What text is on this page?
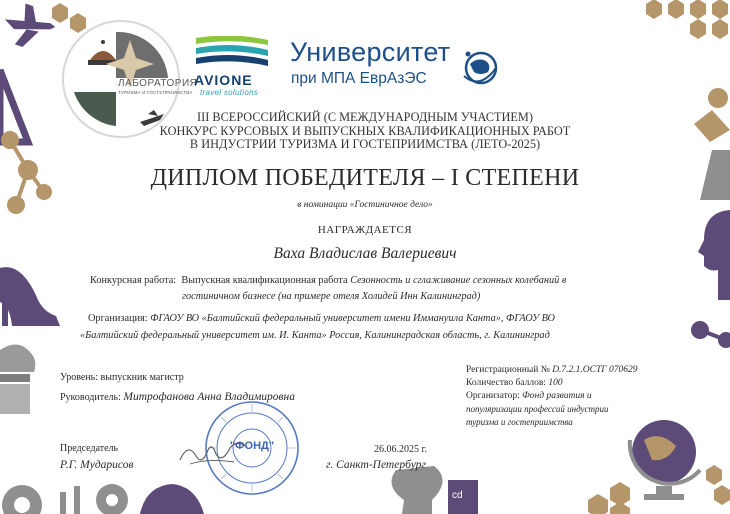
cd
ЛАБОРАТОРИЯ
ТУРИЗМА И ГОСТЕПРИИМСТВА
AVIONE
travel solutions
Университет
при МПА ЕврАзЭС
III ВСЕРОССИЙСКИЙ (С МЕЖДУНАРОДНЫМ УЧАСТИЕМ)
КОНКУРС КУРСОВЫХ И ВЫПУСКНЫХ КВАЛИФИКАЦИОННЫХ РАБОТ
В ИНДУСТРИИ ТУРИЗМА И ГОСТЕПРИИМСТВА (ЛЕТО-2025)
ДИПЛОМ ПОБЕДИТЕЛЯ – I СТЕПЕНИ
в номинации «Гостиничное дело»
НАГРАЖДАЕТСЯ
Ваха Владислав Валериевич
Конкурсная работа: Выпускная квалификационная работа Сезонность и сглаживание сезонных колебаний в
гостиничном бизнесе (на примере отеля Холидей Инн Калининград)
Организация: ФГАОУ ВО «Балтийский федеральный университет имени Иммануила Канта», ФГАОУ ВО
«Балтийский федеральный университет им. И. Канта» Россия, Калининградская область, г. Калининград
Уровень: выпускник магистр
Руководитель: Митрофанова Анна Владимировна
Регистрационный № D.7.2.1.ОСТГ 070629
Количество баллов: 100
Организатор: Фонд развития и
популяризации профессий индустрии
туризма и гостеприимства
Председатель
Р.Г. Мударисов
26.06.2025 г.
г. Санкт-Петербург
"ФОНД"
